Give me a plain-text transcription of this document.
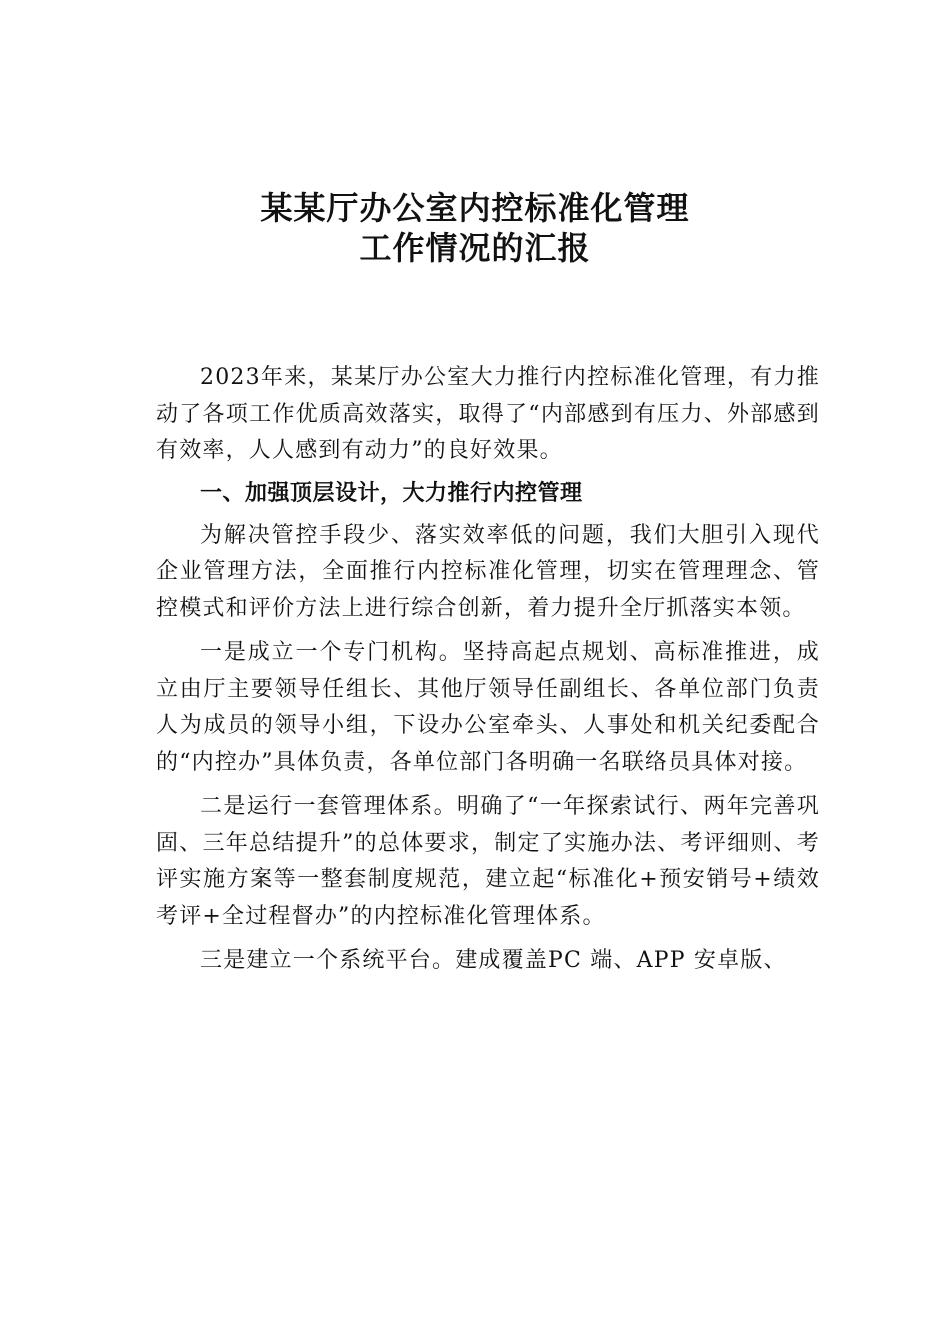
某某厅办公室内控标准化管理
工作情况的汇报

2023年来，某某厅办公室大力推行内控标准化管理，有力推动了各项工作优质高效落实，取得了“内部感到有压力、外部感到有效率，人人感到有动力”的良好效果。

一、加强顶层设计，大力推行内控管理

为解决管控手段少、落实效率低的问题，我们大胆引入现代企业管理方法，全面推行内控标准化管理，切实在管理理念、管控模式和评价方法上进行综合创新，着力提升全厅抓落实本领。

一是成立一个专门机构。坚持高起点规划、高标准推进，成立由厅主要领导任组长、其他厅领导任副组长、各单位部门负责人为成员的领导小组，下设办公室牵头、人事处和机关纪委配合的“内控办”具体负责，各单位部门各明确一名联络员具体对接。

二是运行一套管理体系。明确了“一年探索试行、两年完善巩固、三年总结提升”的总体要求，制定了实施办法、考评细则、考评实施方案等一整套制度规范，建立起“标准化+预安销号+绩效考评+全过程督办”的内控标准化管理体系。

三是建立一个系统平台。建成覆盖PC 端、APP 安卓版、
